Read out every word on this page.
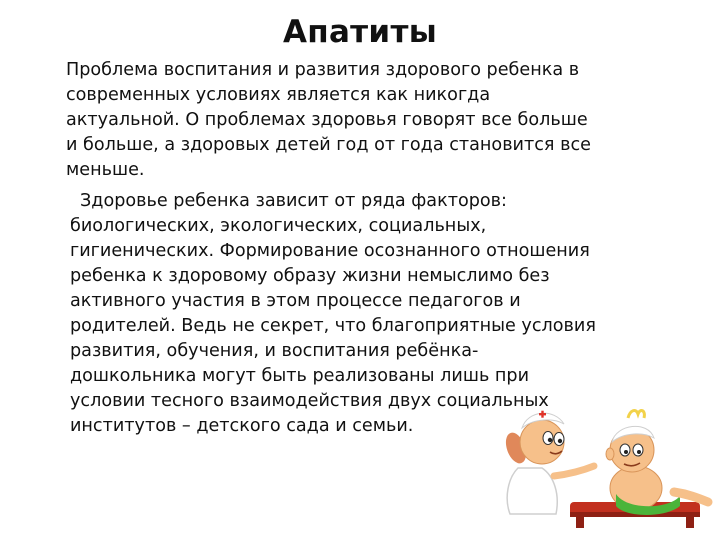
Апатиты

Проблема воспитания и развития здорового ребенка в
современных условиях является как никогда
актуальной. О проблемах здоровья говорят все больше
и больше, а здоровых детей год от года становится все
меньше.

Здоровье ребенка зависит от ряда факторов:
биологических, экологических, социальных,
гигиенических. Формирование осознанного отношения
ребенка к здоровому образу жизни немыслимо без
активного участия в этом процессе педагогов и
родителей. Ведь не секрет, что благоприятные условия
развития, обучения, и воспитания ребёнка-
дошкольника могут быть реализованы лишь при
условии тесного взаимодействия двух социальных
институтов – детского сада и семьи.
